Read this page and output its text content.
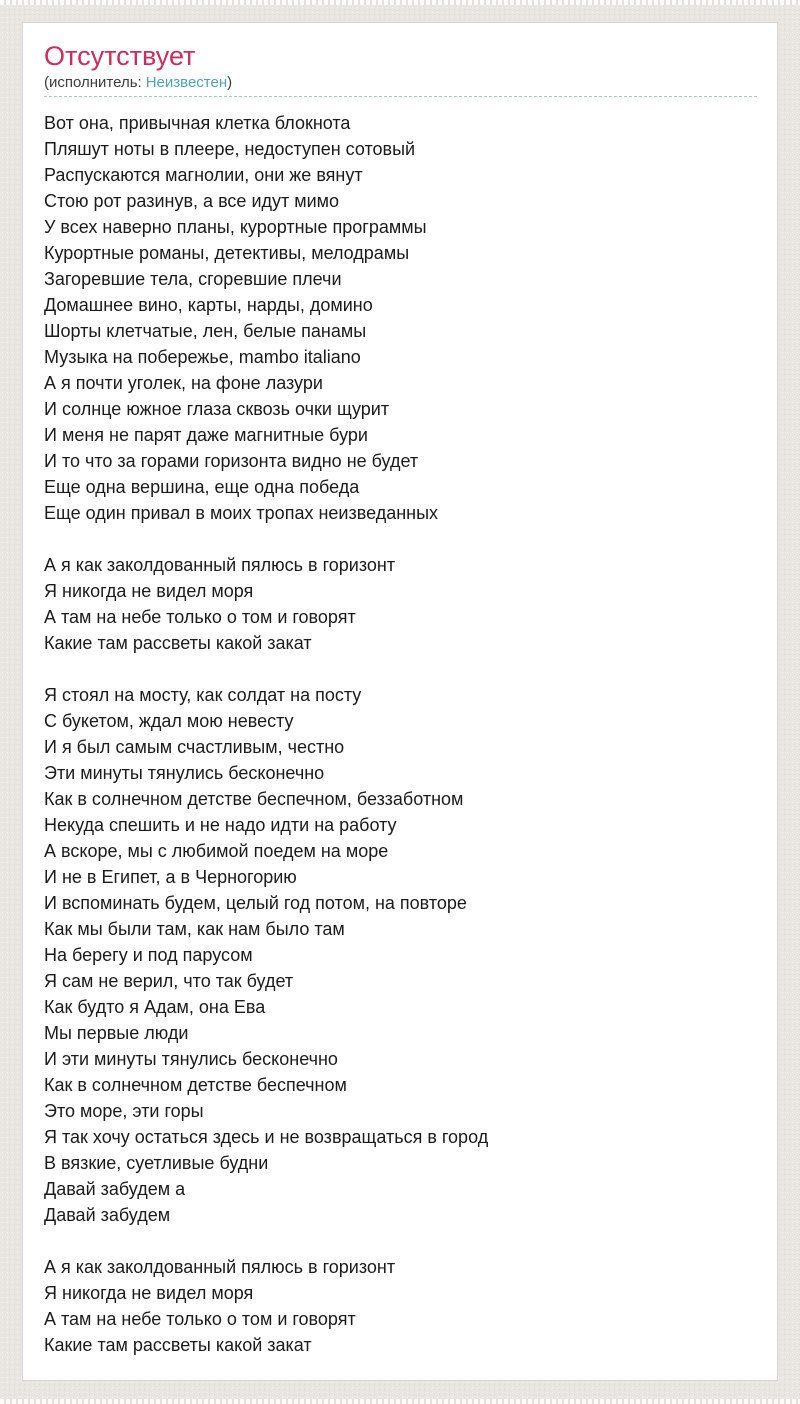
Отсутствует

(исполнитель: Неизвестен)

Вот она, привычная клетка блокнота
Пляшут ноты в плеере, недоступен сотовый
Распускаются магнолии, они же вянут
Стою рот разинув, а все идут мимо
У всех наверно планы, курортные программы
Курортные романы, детективы, мелодрамы
Загоревшие тела, сгоревшие плечи
Домашнее вино, карты, нарды, домино
Шорты клетчатые, лен, белые панамы
Музыка на побережье, mambo italiano
А я почти уголек, на фоне лазури
И солнце южное глаза сквозь очки щурит
И меня не парят даже магнитные бури
И то что за горами горизонта видно не будет
Еще одна вершина, еще одна победа
Еще один привал в моих тропах неизведанных

А я как заколдованный пялюсь в горизонт
Я никогда не видел моря
А там на небе только о том и говорят
Какие там рассветы какой закат

Я стоял на мосту, как солдат на посту
С букетом, ждал мою невесту
И я был самым счастливым, честно
Эти минуты тянулись бесконечно
Как в солнечном детстве беспечном, беззаботном
Некуда спешить и не надо идти на работу
А вскоре, мы с любимой поедем на море
И не в Египет, а в Черногорию
И вспоминать будем, целый год потом, на повторе
Как мы были там, как нам было там
На берегу и под парусом
Я сам не верил, что так будет
Как будто я Адам, она Ева
Мы первые люди
И эти минуты тянулись бесконечно
Как в солнечном детстве беспечном
Это море, эти горы
Я так хочу остаться здесь и не возвращаться в город
В вязкие, суетливые будни
Давай забудем а
Давай забудем

А я как заколдованный пялюсь в горизонт
Я никогда не видел моря
А там на небе только о том и говорят
Какие там рассветы какой закат
